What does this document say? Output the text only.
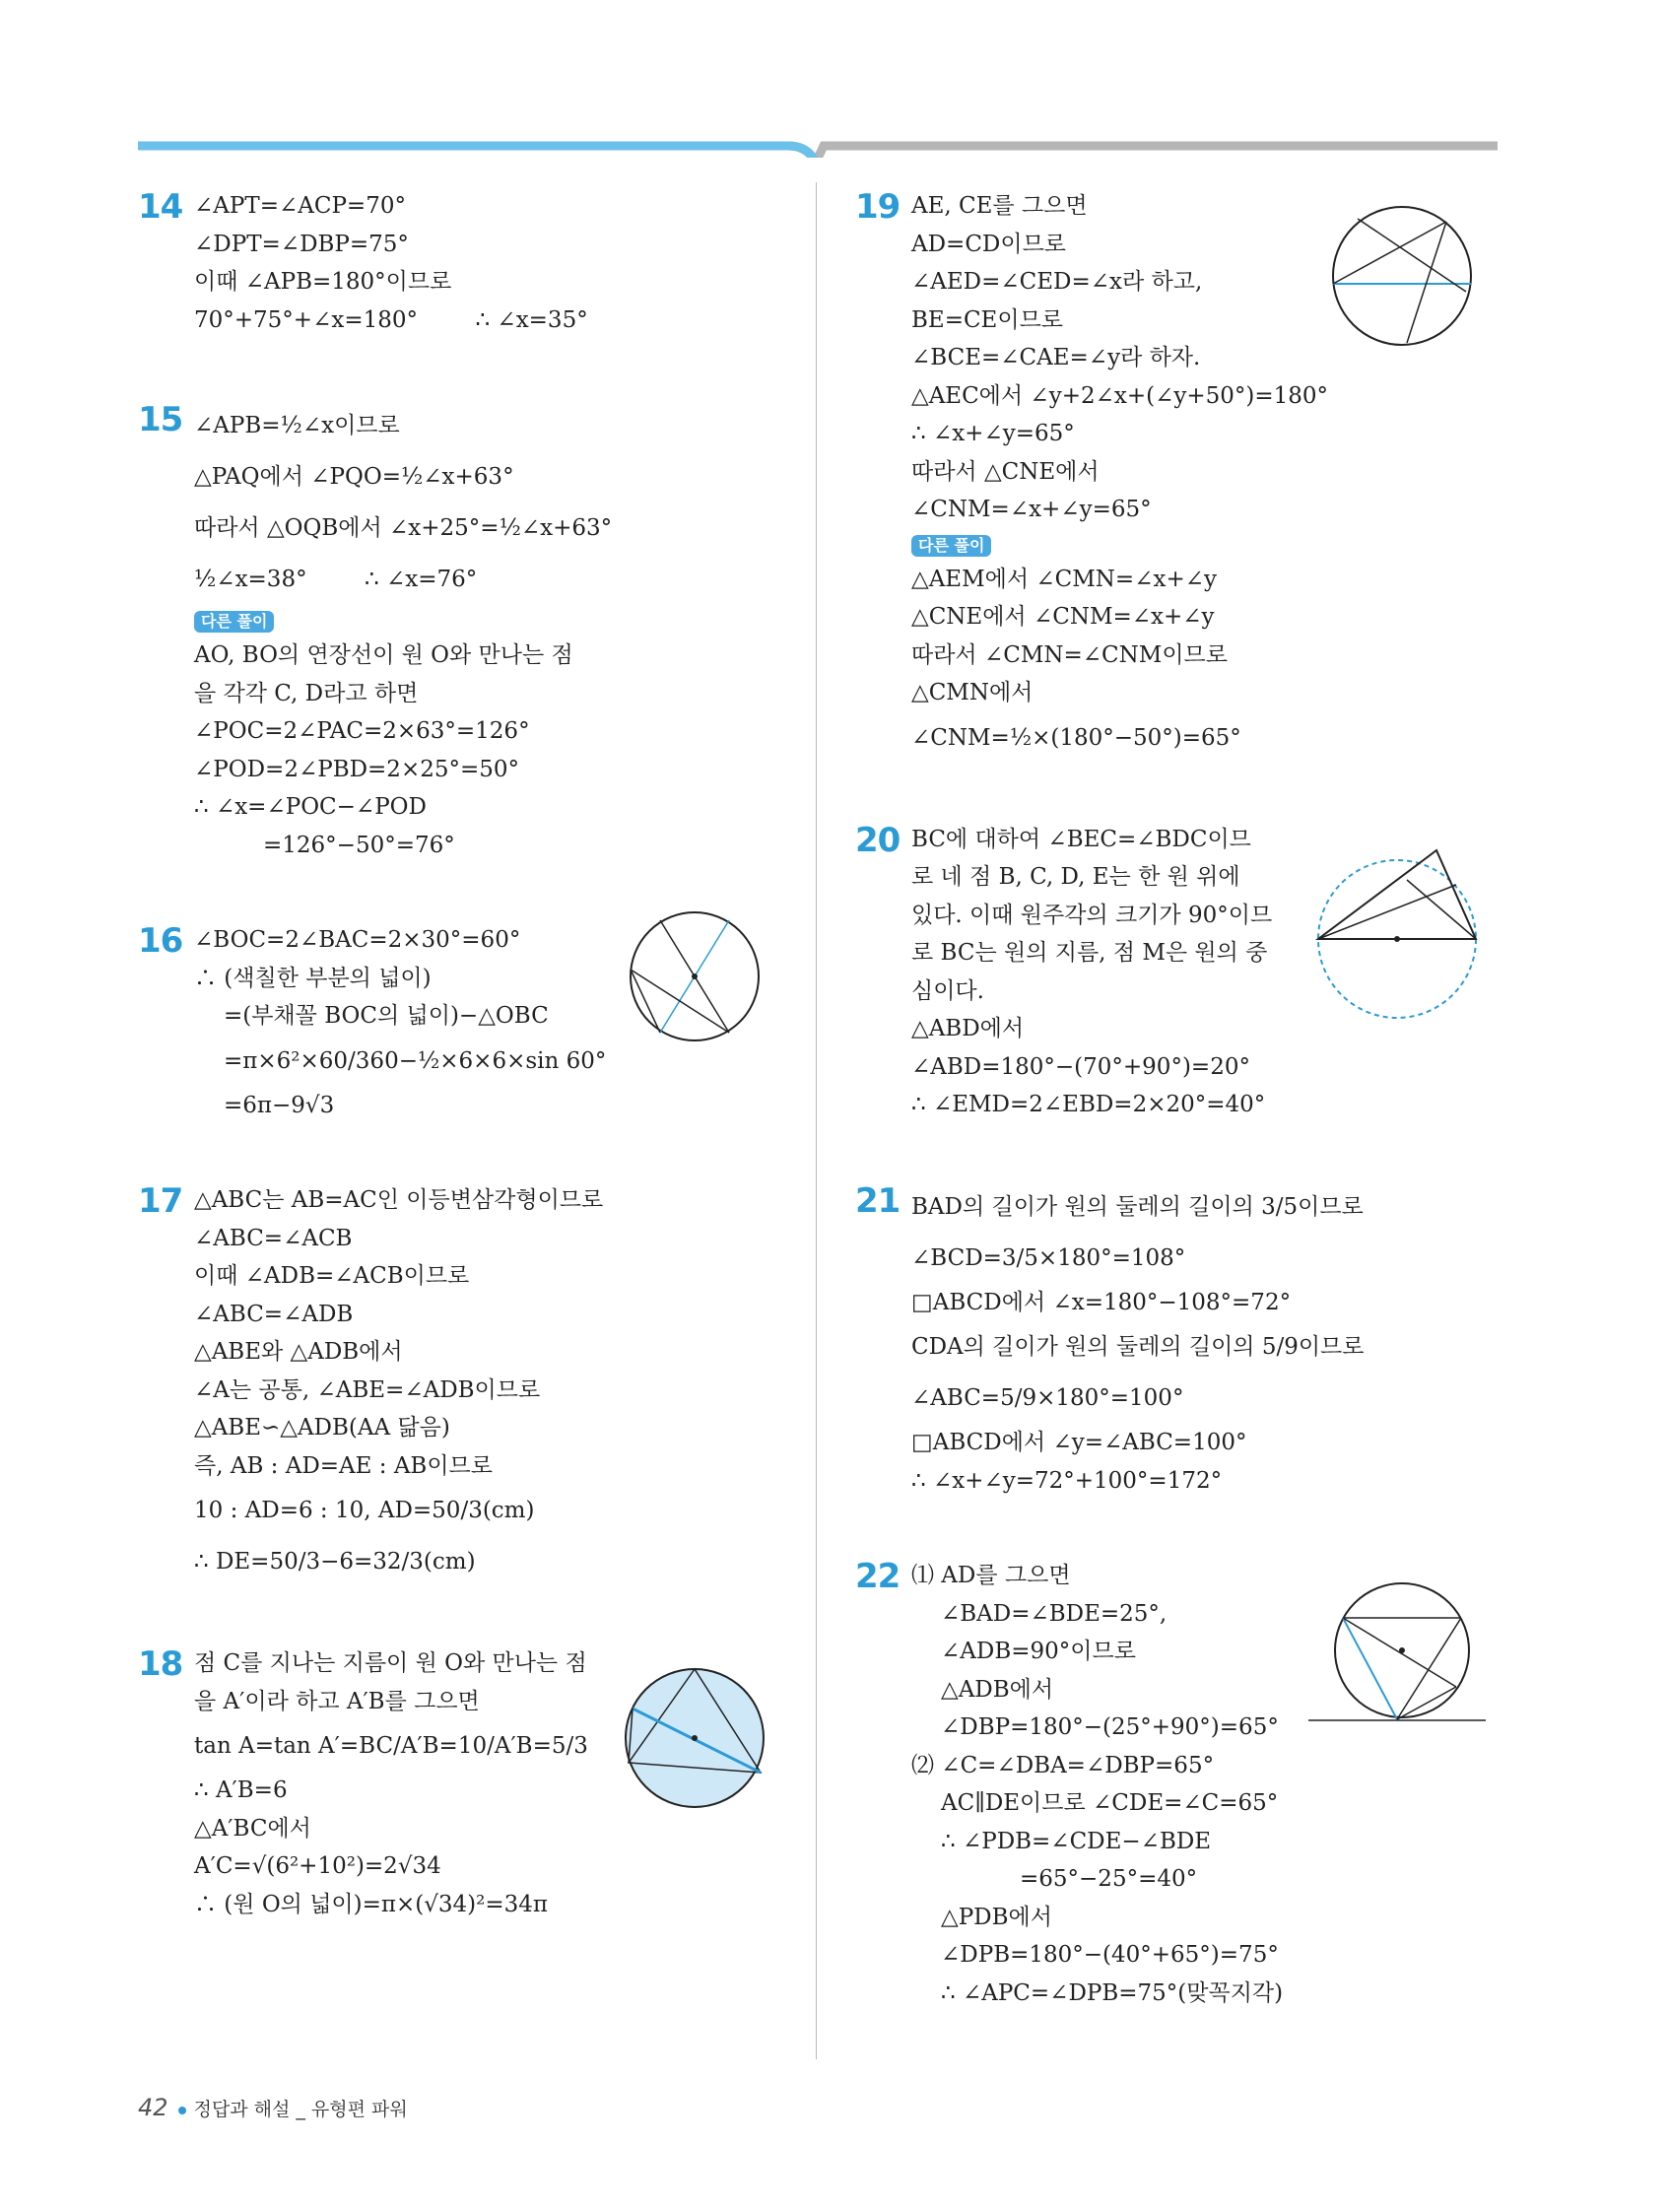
14 ∠APT=∠ACP=70°
∠DPT=∠DBP=75°
이때 ∠APB=180°이므로
70°+75°+∠x=180°        ∴ ∠x=35°
15 ∠APB=½∠x이므로
△PAQ에서 ∠PQO=½∠x+63°
따라서 △OQB에서 ∠x+25°=½∠x+63°
½∠x=38°        ∴ ∠x=76°
다른 풀이
AO, BO의 연장선이 원 O와 만나는 점
을 각각 C, D라고 하면
∠POC=2∠PAC=2×63°=126°
∠POD=2∠PBD=2×25°=50°
∴ ∠x=∠POC−∠POD
=126°−50°=76°
16 ∠BOC=2∠BAC=2×30°=60°
∴ (색칠한 부분의 넓이)
=(부채꼴 BOC의 넓이)−△OBC
=π×6²×60/360−½×6×6×sin 60°
=6π−9√3
17 △ABC는 AB=AC인 이등변삼각형이므로
∠ABC=∠ACB
이때 ∠ADB=∠ACB이므로
∠ABC=∠ADB
△ABE와 △ADB에서
∠A는 공통, ∠ABE=∠ADB이므로
△ABE∽△ADB(AA 닮음)
즉, AB : AD=AE : AB이므로
10 : AD=6 : 10, AD=50/3(cm)
∴ DE=50/3−6=32/3(cm)
18 점 C를 지나는 지름이 원 O와 만나는 점
을 A′이라 하고 A′B를 그으면
tan A=tan A′=BC/A′B=10/A′B=5/3
∴ A′B=6
△A′BC에서
A′C=√(6²+10²)=2√34
∴ (원 O의 넓이)=π×(√34)²=34π
19 AE, CE를 그으면
AD=CD이므로
∠AED=∠CED=∠x라 하고,
BE=CE이므로
∠BCE=∠CAE=∠y라 하자.
△AEC에서 ∠y+2∠x+(∠y+50°)=180°
∴ ∠x+∠y=65°
따라서 △CNE에서
∠CNM=∠x+∠y=65°
다른 풀이
△AEM에서 ∠CMN=∠x+∠y
△CNE에서 ∠CNM=∠x+∠y
따라서 ∠CMN=∠CNM이므로
△CMN에서
∠CNM=½×(180°−50°)=65°
20 BC에 대하여 ∠BEC=∠BDC이므
로 네 점 B, C, D, E는 한 원 위에
있다. 이때 원주각의 크기가 90°이므
로 BC는 원의 지름, 점 M은 원의 중
심이다.
△ABD에서
∠ABD=180°−(70°+90°)=20°
∴ ∠EMD=2∠EBD=2×20°=40°
21 BAD의 길이가 원의 둘레의 길이의 3/5이므로
∠BCD=3/5×180°=108°
□ABCD에서 ∠x=180°−108°=72°
CDA의 길이가 원의 둘레의 길이의 5/9이므로
∠ABC=5/9×180°=100°
□ABCD에서 ∠y=∠ABC=100°
∴ ∠x+∠y=72°+100°=172°
22 ⑴ AD를 그으면
∠BAD=∠BDE=25°,
∠ADB=90°이므로
△ADB에서
∠DBP=180°−(25°+90°)=65°
⑵ ∠C=∠DBA=∠DBP=65°
AC∥DE이므로 ∠CDE=∠C=65°
∴ ∠PDB=∠CDE−∠BDE
=65°−25°=40°
△PDB에서
∠DPB=180°−(40°+65°)=75°
∴ ∠APC=∠DPB=75°(맞꼭지각)
42 정답과 해설 _ 유형편 파워
